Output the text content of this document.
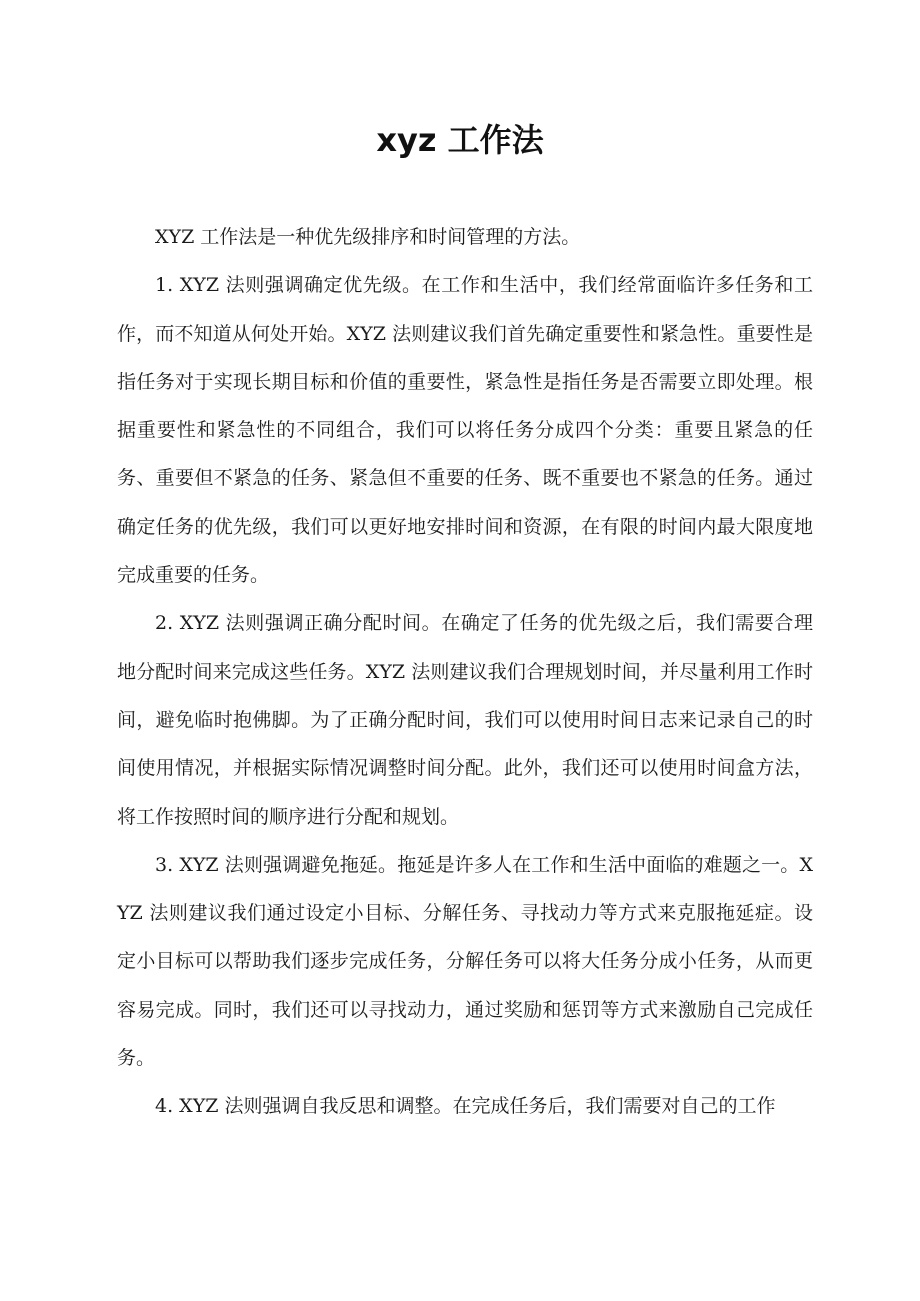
xyz 工作法

XYZ 工作法是一种优先级排序和时间管理的方法。

1. XYZ 法则强调确定优先级。在工作和生活中，我们经常面临许多任务和工作，而不知道从何处开始。XYZ 法则建议我们首先确定重要性和紧急性。重要性是指任务对于实现长期目标和价值的重要性，紧急性是指任务是否需要立即处理。根据重要性和紧急性的不同组合，我们可以将任务分成四个分类：重要且紧急的任务、重要但不紧急的任务、紧急但不重要的任务、既不重要也不紧急的任务。通过确定任务的优先级，我们可以更好地安排时间和资源，在有限的时间内最大限度地完成重要的任务。

2. XYZ 法则强调正确分配时间。在确定了任务的优先级之后，我们需要合理地分配时间来完成这些任务。XYZ 法则建议我们合理规划时间，并尽量利用工作时间，避免临时抱佛脚。为了正确分配时间，我们可以使用时间日志来记录自己的时间使用情况，并根据实际情况调整时间分配。此外，我们还可以使用时间盒方法，将工作按照时间的顺序进行分配和规划。

3. XYZ 法则强调避免拖延。拖延是许多人在工作和生活中面临的难题之一。XYZ 法则建议我们通过设定小目标、分解任务、寻找动力等方式来克服拖延症。设定小目标可以帮助我们逐步完成任务，分解任务可以将大任务分成小任务，从而更容易完成。同时，我们还可以寻找动力，通过奖励和惩罚等方式来激励自己完成任务。

4. XYZ 法则强调自我反思和调整。在完成任务后，我们需要对自己的工作
